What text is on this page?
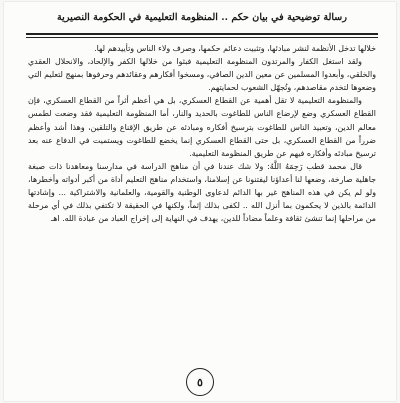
رسالة توضيحية في بيان حكم .. المنظومة التعليمية في الحكومة النصيرية

خلالها تدخل الأنظمة لنشر مبادئها، وتثبيت دعائم حكمها، وصرف ولاء الناس وتأييدهم لها.

ولقد استغل الكفار والمرتدون المنظومة التعليمية فبثوا من خلالها الكفر والإلحاد، والانحلال العقدي والخلقي، وأبعدوا المسلمين عن معين الدين الصافي، ومسخوا أفكارهم وعقائدهم وحرفوها بمنهج لتعليم التي وضعوها لتخدم مقاصدهم، وتُجهّل الشعوب لحمايتهم.

والمنظومة التعليمية لا تقل أهمية عن القطاع العسكري، بل هي أعظم أثراً من القطاع العسكري، فإن القطاع العسكري وضع لإرضاع الناس للطاغوت بالحديد والنار، أما المنظومة التعليمية فقد وضعت لطمس معالم الدين، وتعبيد الناس للطاغوت بترسيخ أفكاره ومبادئه عن طريق الإقناع والتلقين، وهذا أشد وأعظم ضرراً من القطاع العسكري، بل حتى القطاع العسكري إنما يخضع للطاغوت ويستميت في الدفاع عنه بعد ترسيخ مبادئه وأفكاره فيهم عن طريق المنظومة التعليمية.

قال محمد قطب رَحِمَهُ اللَّهُ: ولا شك عندنا في أن مناهج الدراسة في مدارسنا ومعاهدنا ذات صبغة جاهلية صارخة، وضعها لنا أعداؤنا ليفتنونا عن إسلامنا، واستخدام مناهج التعليم أداة من أكبر أدواته وأخطرها، ولو لم يكن في هذه المناهج غير بها الدائم لدعاوى الوطنية والقومية، والعلمانية والاشتراكية ... وإشادتها الدائمة بالذين لا يحكمون بما أنزل الله .. لكفى بذلك إثماً، ولكنها في الحقيقة لا تكتفي بذلك في أي مرحلة من مراحلها إنما تنشئ ثقافة وعلماً مضاداً للدين، يهدف في النهاية إلى إخراج العباد من عبادة الله. اهـ

٥
